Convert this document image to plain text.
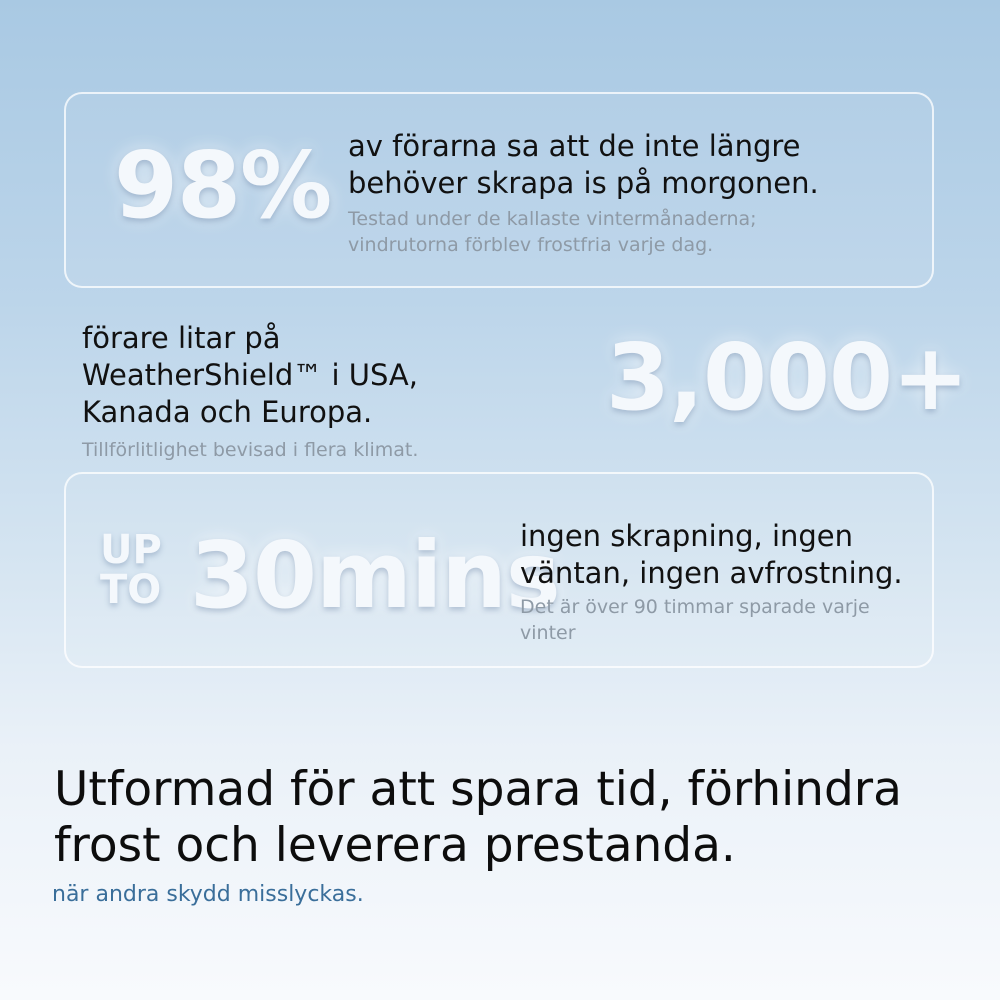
98% av förarna sa att de inte längre
behöver skrapa is på morgonen.
Testad under de kallaste vintermånaderna;
vindrutorna förblev frostfria varje dag.
förare litar på
WeatherShield™ i USA,
Kanada och Europa.
Tillförlitlighet bevisad i flera klimat.
3,000+
UP
TO 30mins
ingen skrapning, ingen
väntan, ingen avfrostning.
Det är över 90 timmar sparade varje
vinter
Utformad för att spara tid, förhindra
frost och leverera prestanda.
när andra skydd misslyckas.
